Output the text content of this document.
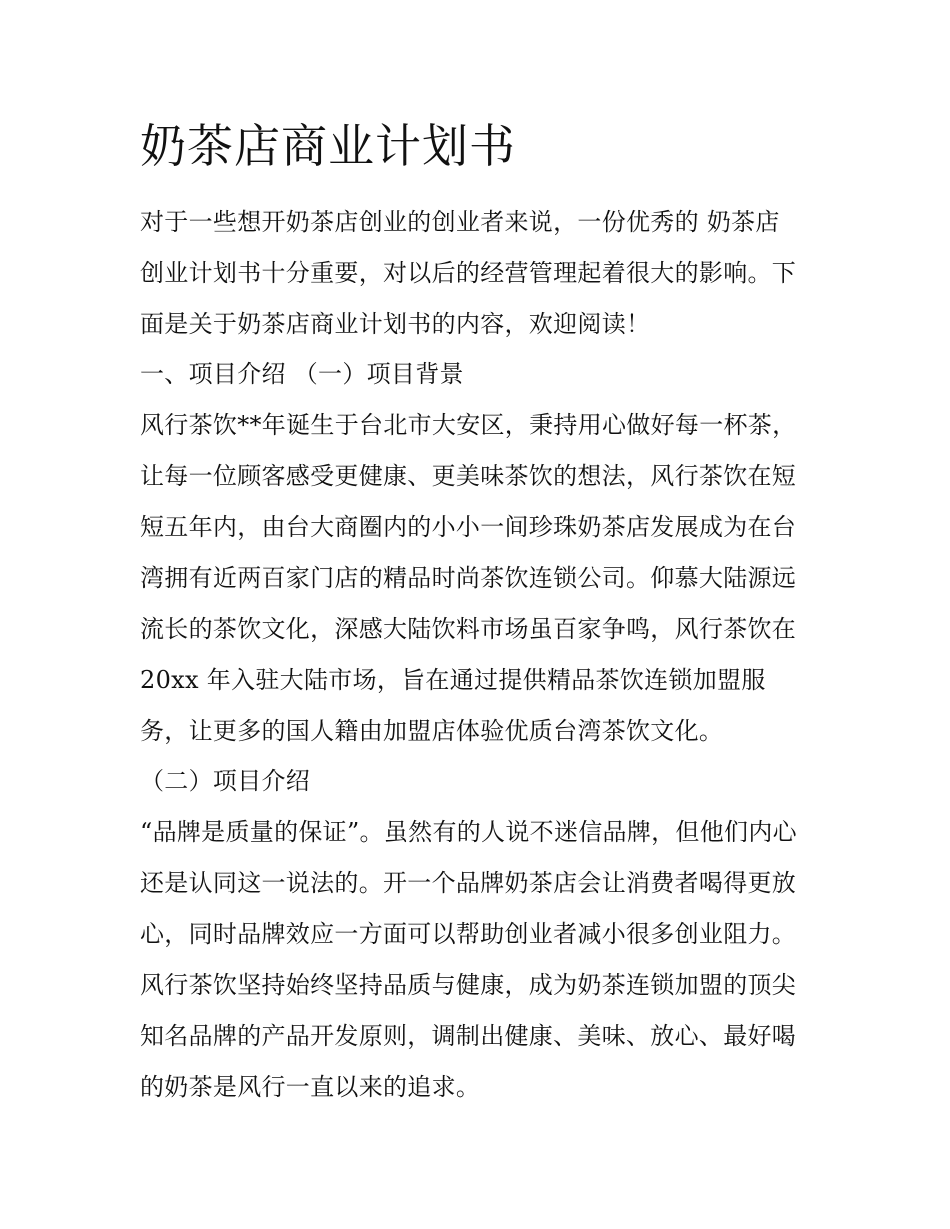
奶茶店商业计划书

对于一些想开奶茶店创业的创业者来说，一份优秀的 奶茶店

创业计划书十分重要，对以后的经营管理起着很大的影响。下

面是关于奶茶店商业计划书的内容，欢迎阅读！

一、项目介绍 （一）项目背景

风行茶饮**年诞生于台北市大安区，秉持用心做好每一杯茶，

让每一位顾客感受更健康、更美味茶饮的想法，风行茶饮在短

短五年内，由台大商圈内的小小一间珍珠奶茶店发展成为在台

湾拥有近两百家门店的精品时尚茶饮连锁公司。仰慕大陆源远

流长的茶饮文化，深感大陆饮料市场虽百家争鸣，风行茶饮在

20xx 年入驻大陆市场，旨在通过提供精品茶饮连锁加盟服

务，让更多的国人籍由加盟店体验优质台湾茶饮文化。

（二）项目介绍

“品牌是质量的保证”。虽然有的人说不迷信品牌，但他们内心

还是认同这一说法的。开一个品牌奶茶店会让消费者喝得更放

心，同时品牌效应一方面可以帮助创业者减小很多创业阻力。

风行茶饮坚持始终坚持品质与健康，成为奶茶连锁加盟的顶尖

知名品牌的产品开发原则，调制出健康、美味、放心、最好喝

的奶茶是风行一直以来的追求。
